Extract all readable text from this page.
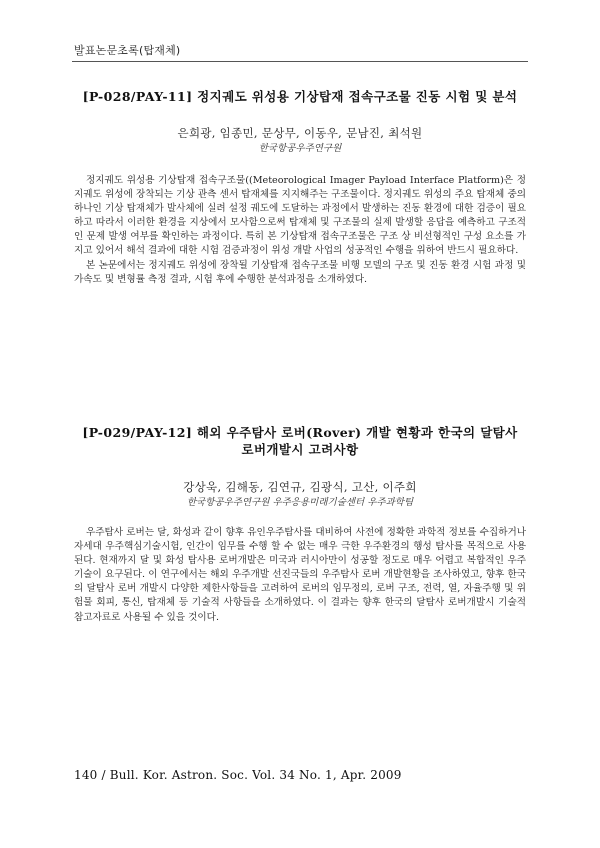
발표논문초록(탑재체)
[P-028/PAY-11] 정지궤도 위성용 기상탑재 접속구조물 진동 시험 및 분석
은희광, 임종민, 문상무, 이동우, 문남진, 최석원
한국항공우주연구원

정지궤도 위성용 기상탑재 접속구조물((Meteorological Imager Payload Interface Platform)은 정지궤도 위성에 장착되는 기상 관측 센서 탑재체를 지지해주는 구조물이다. 정지궤도 위성의 주요 탑재체 중의 하나인 기상 탑재체가 발사체에 실려 설정 궤도에 도달하는 과정에서 발생하는 진동 환경에 대한 검증이 필요하고 따라서 이러한 환경을 지상에서 모사함으로써 탑재체 및 구조물의 실제 발생할 응답을 예측하고 구조적인 문제 발생 여부를 확인하는 과정이다. 특히 본 기상탑재 접속구조물은 구조 상 비선형적인 구성 요소를 가지고 있어서 해석 결과에 대한 시험 검증과정이 위성 개발 사업의 성공적인 수행을 위하여 반드시 필요하다.

본 논문에서는 정지궤도 위성에 장착될 기상탑재 접속구조물 비행 모델의 구조 및 진동 환경 시험 과정 및 가속도 및 변형률 측정 결과, 시험 후에 수행한 분석과정을 소개하였다.

[P-029/PAY-12] 해외 우주탐사 로버(Rover) 개발 현황과 한국의 달탐사
로버개발시 고려사항
강상욱, 김해동, 김연규, 김광식, 고산, 이주희
한국항공우주연구원 우주응용미래기술센터 우주과학팀

우주탐사 로버는 달, 화성과 같이 향후 유인우주탐사를 대비하여 사전에 정확한 과학적 정보를 수집하거나 자세대 우주핵심기술시험, 인간이 임무를 수행 할 수 없는 매우 극한 우주환경의 행성 탐사를 목적으로 사용된다. 현재까지 달 및 화성 탐사용 로버개발은 미국과 러시아만이 성공할 정도로 매우 어렵고 복합적인 우주기술이 요구된다. 이 연구에서는 해외 우주개발 선진국들의 우주탐사 로버 개발현황을 조사하였고, 향후 한국의 달탐사 로버 개발시 다양한 제한사항들을 고려하여 로버의 임무정의, 로버 구조, 전력, 열, 자율주행 및 위험물 회피, 통신, 탑재체 등 기술적 사항들을 소개하였다. 이 결과는 향후 한국의 달탐사 로버개발시 기술적 참고자료로 사용될 수 있을 것이다.

140 / Bull. Kor. Astron. Soc. Vol. 34 No. 1, Apr. 2009
